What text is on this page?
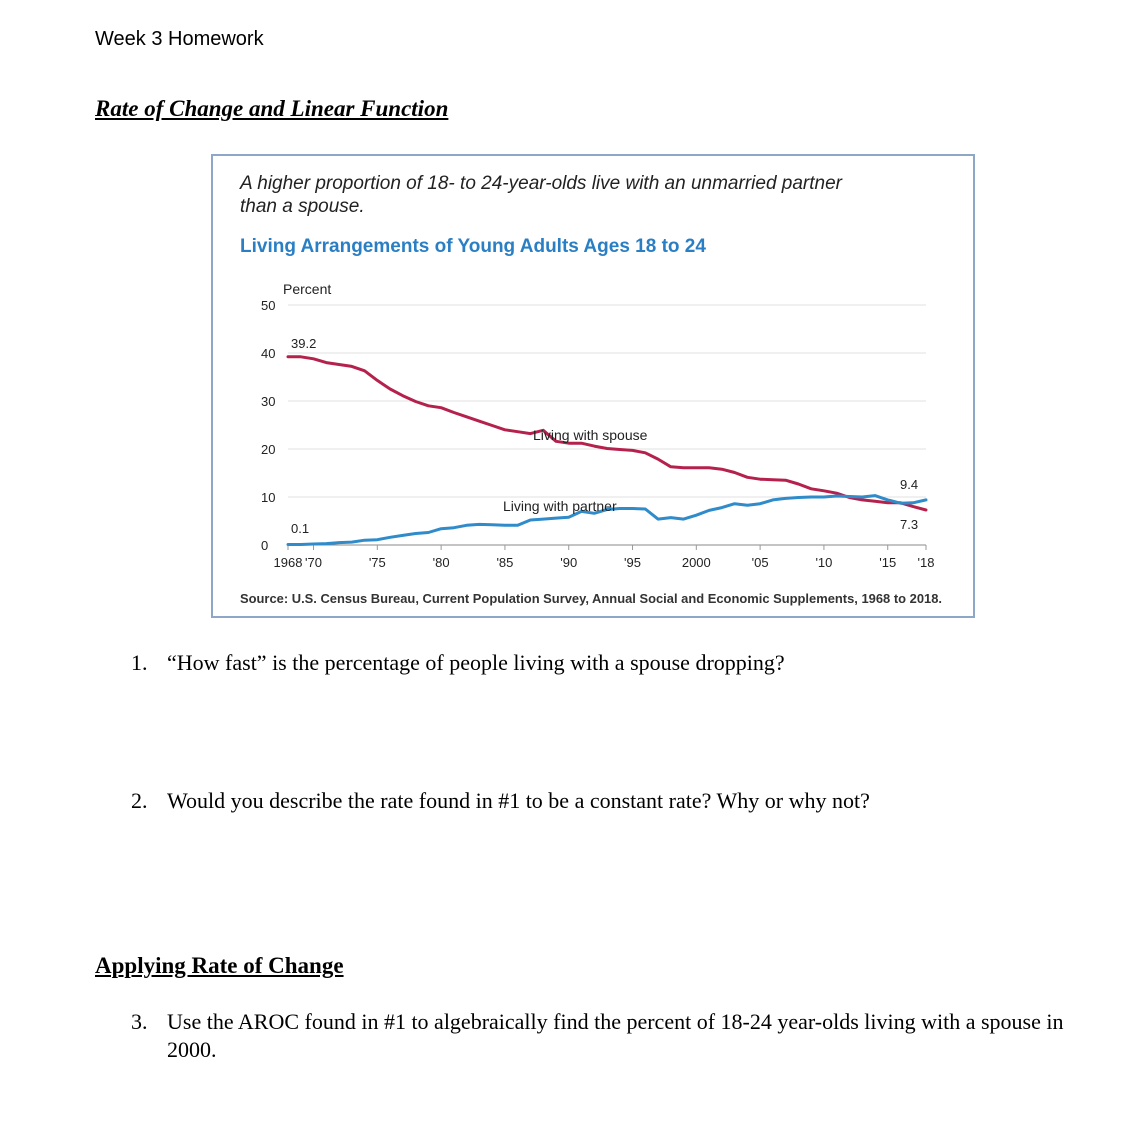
Week 3 Homework
Rate of Change and Linear Function
A higher proportion of 18- to 24-year-olds live with an unmarried partner
than a spouse.
Living Arrangements of Young Adults Ages 18 to 24
Percent
0
10
20
30
40
50
1968 '70	'75	'80	'85	'90	'95	2000	'05	'10	'15 '18
Living with spouse
Living with partner
39.2
0.1
9.4
7.3
Source: U.S. Census Bureau, Current Population Survey, Annual Social and Economic Supplements, 1968 to 2018.
1. “How fast” is the percentage of people living with a spouse dropping?
2. Would you describe the rate found in #1 to be a constant rate? Why or why not?
Applying Rate of Change
3. Use the AROC found in #1 to algebraically find the percent of 18-24 year-olds living with a spouse in 2000.
